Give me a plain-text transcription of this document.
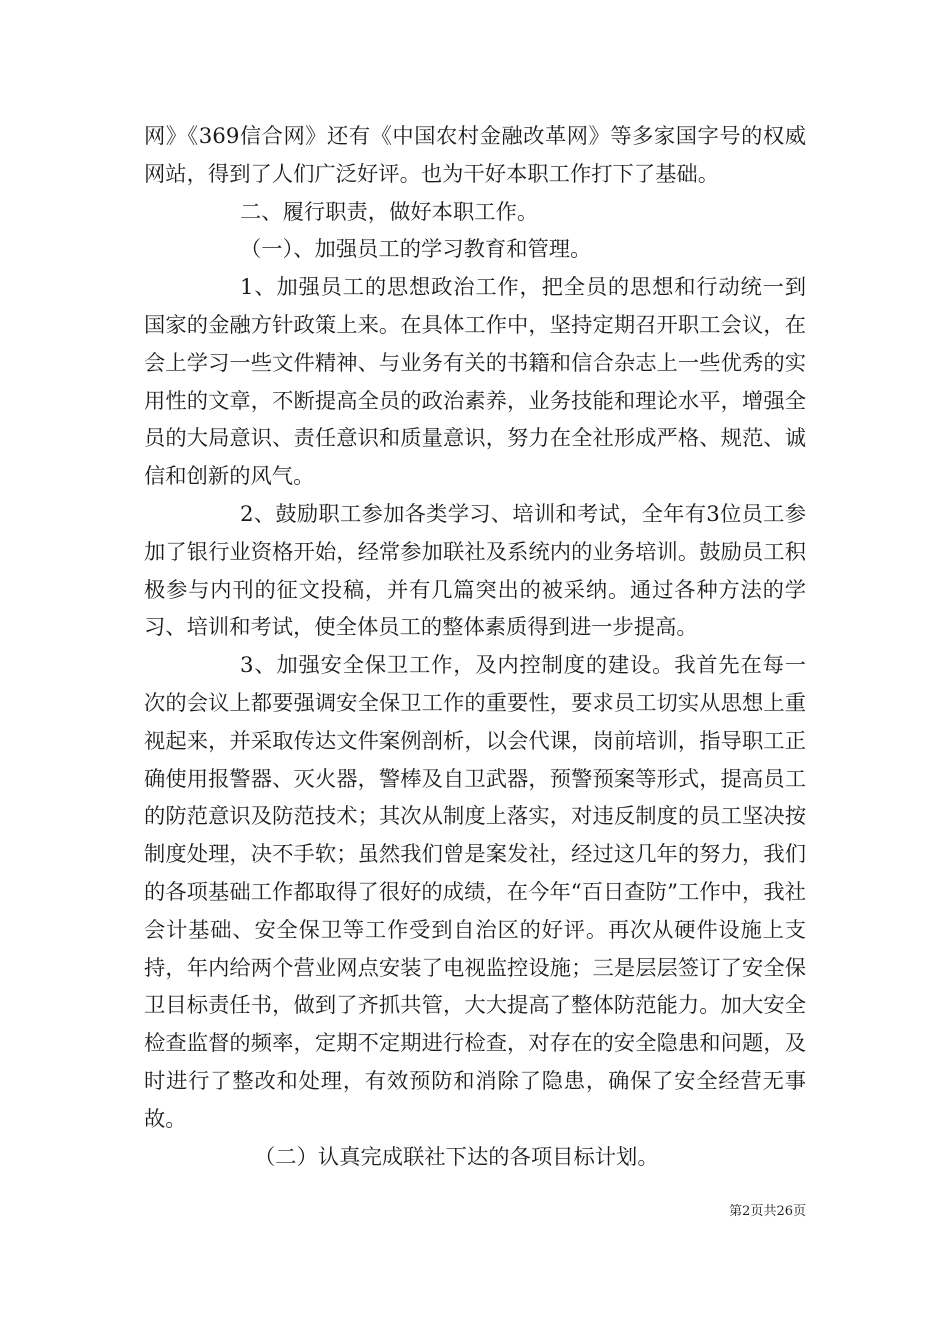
网》《369信合网》还有《中国农村金融改革网》等多家国字号的权威网站，得到了人们广泛好评。也为干好本职工作打下了基础。

二、履行职责，做好本职工作。

（一）、加强员工的学习教育和管理。

1、加强员工的思想政治工作，把全员的思想和行动统一到国家的金融方针政策上来。在具体工作中，坚持定期召开职工会议，在会上学习一些文件精神、与业务有关的书籍和信合杂志上一些优秀的实用性的文章，不断提高全员的政治素养，业务技能和理论水平，增强全员的大局意识、责任意识和质量意识，努力在全社形成严格、规范、诚信和创新的风气。

2、鼓励职工参加各类学习、培训和考试，全年有3位员工参加了银行业资格开始，经常参加联社及系统内的业务培训。鼓励员工积极参与内刊的征文投稿，并有几篇突出的被采纳。通过各种方法的学习、培训和考试，使全体员工的整体素质得到进一步提高。

3、加强安全保卫工作，及内控制度的建设。我首先在每一次的会议上都要强调安全保卫工作的重要性，要求员工切实从思想上重视起来，并采取传达文件案例剖析，以会代课，岗前培训，指导职工正确使用报警器、灭火器，警棒及自卫武器，预警预案等形式，提高员工的防范意识及防范技术；其次从制度上落实，对违反制度的员工坚决按制度处理，决不手软；虽然我们曾是案发社，经过这几年的努力，我们的各项基础工作都取得了很好的成绩，在今年“百日查防”工作中，我社会计基础、安全保卫等工作受到自治区的好评。再次从硬件设施上支持，年内给两个营业网点安装了电视监控设施；三是层层签订了安全保卫目标责任书，做到了齐抓共管，大大提高了整体防范能力。加大安全检查监督的频率，定期不定期进行检查，对存在的安全隐患和问题，及时进行了整改和处理，有效预防和消除了隐患，确保了安全经营无事故。

（二）认真完成联社下达的各项目标计划。

第2页共26页
